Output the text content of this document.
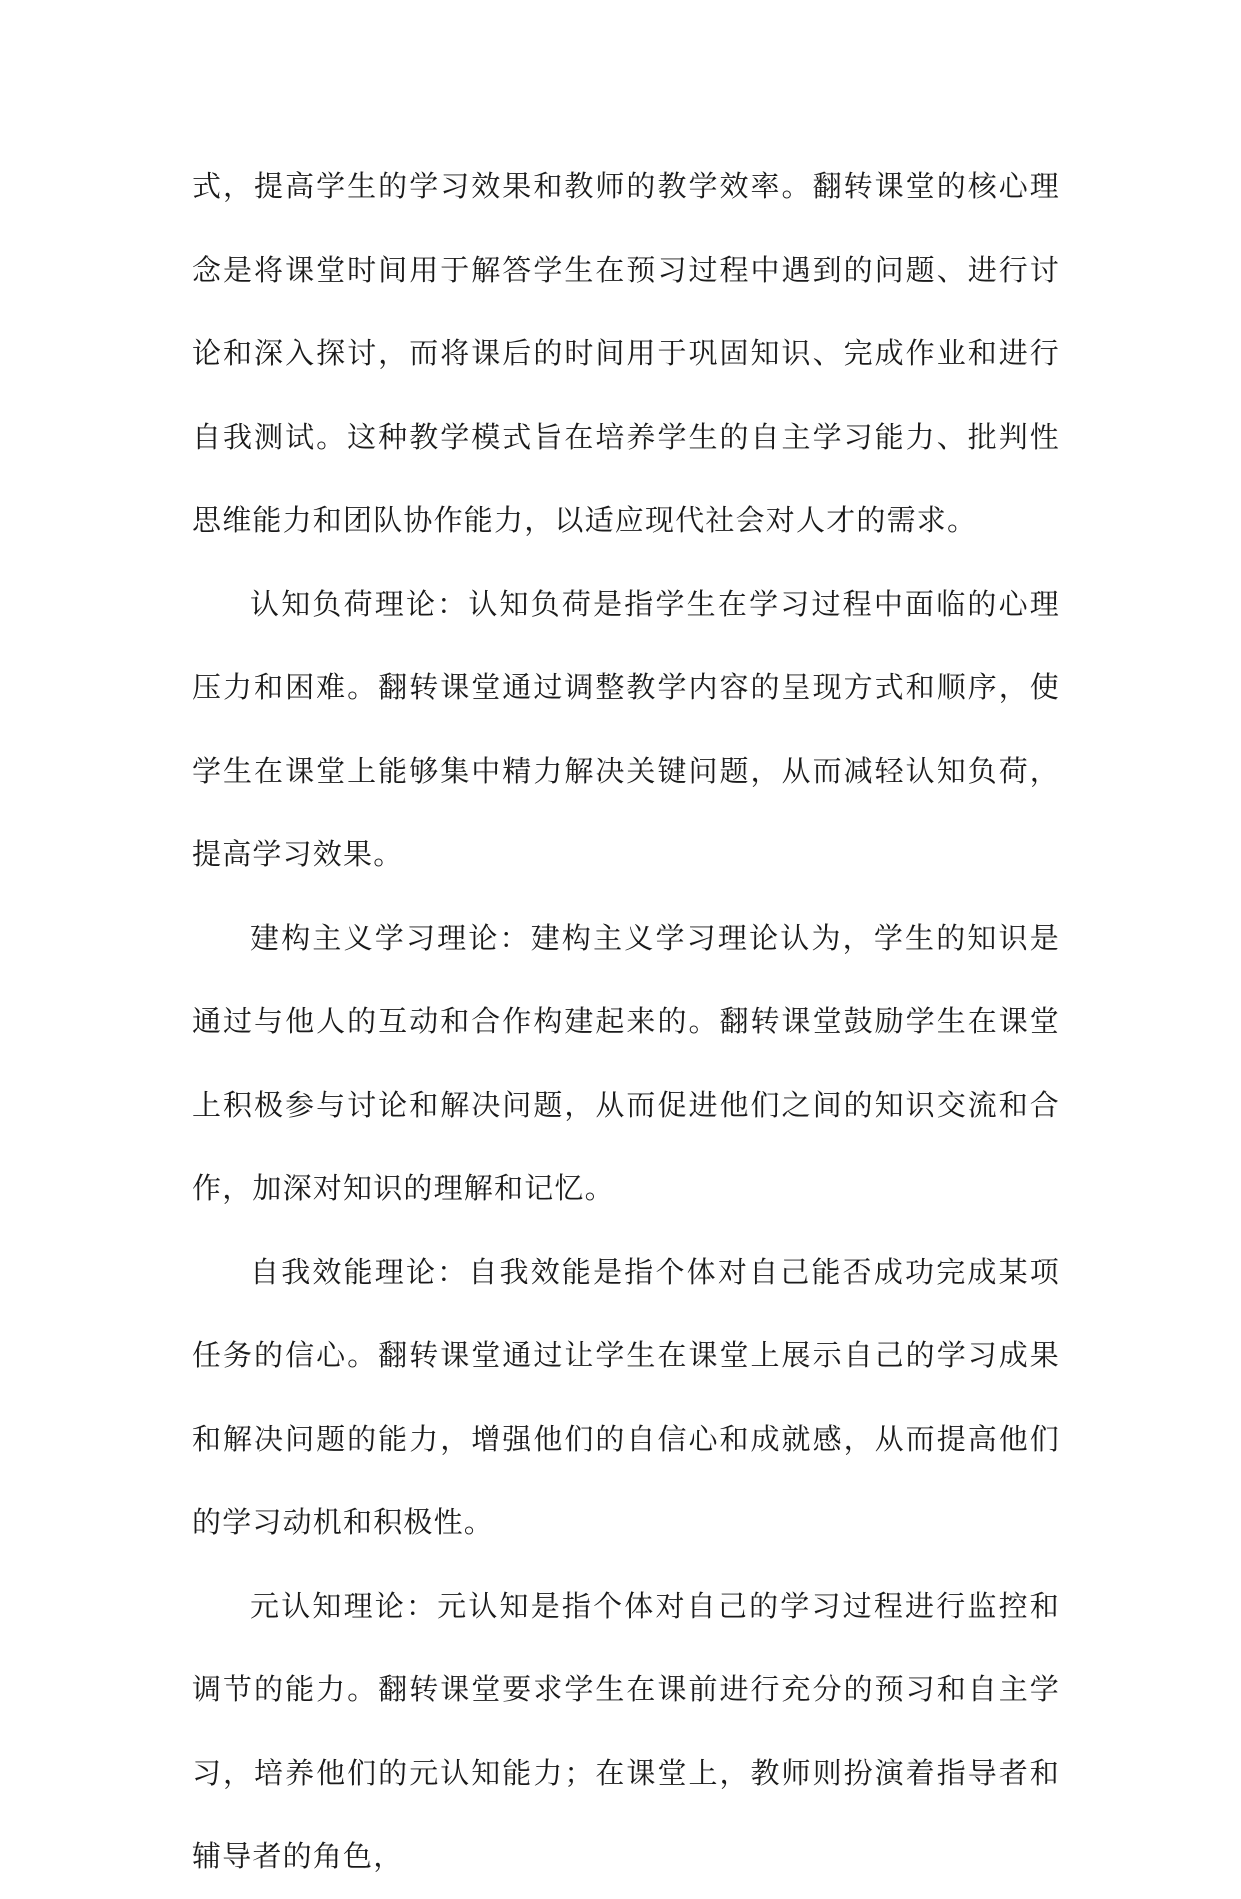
式，提高学生的学习效果和教师的教学效率。翻转课堂的核心理念是将课堂时间用于解答学生在预习过程中遇到的问题、进行讨论和深入探讨，而将课后的时间用于巩固知识、完成作业和进行自我测试。这种教学模式旨在培养学生的自主学习能力、批判性思维能力和团队协作能力，以适应现代社会对人才的需求。

认知负荷理论：认知负荷是指学生在学习过程中面临的心理压力和困难。翻转课堂通过调整教学内容的呈现方式和顺序，使学生在课堂上能够集中精力解决关键问题，从而减轻认知负荷，提高学习效果。

建构主义学习理论：建构主义学习理论认为，学生的知识是通过与他人的互动和合作构建起来的。翻转课堂鼓励学生在课堂上积极参与讨论和解决问题，从而促进他们之间的知识交流和合作，加深对知识的理解和记忆。

自我效能理论：自我效能是指个体对自己能否成功完成某项任务的信心。翻转课堂通过让学生在课堂上展示自己的学习成果和解决问题的能力，增强他们的自信心和成就感，从而提高他们的学习动机和积极性。

元认知理论：元认知是指个体对自己的学习过程进行监控和调节的能力。翻转课堂要求学生在课前进行充分的预习和自主学习，培养他们的元认知能力；在课堂上，教师则扮演着指导者和辅导者的角色，
